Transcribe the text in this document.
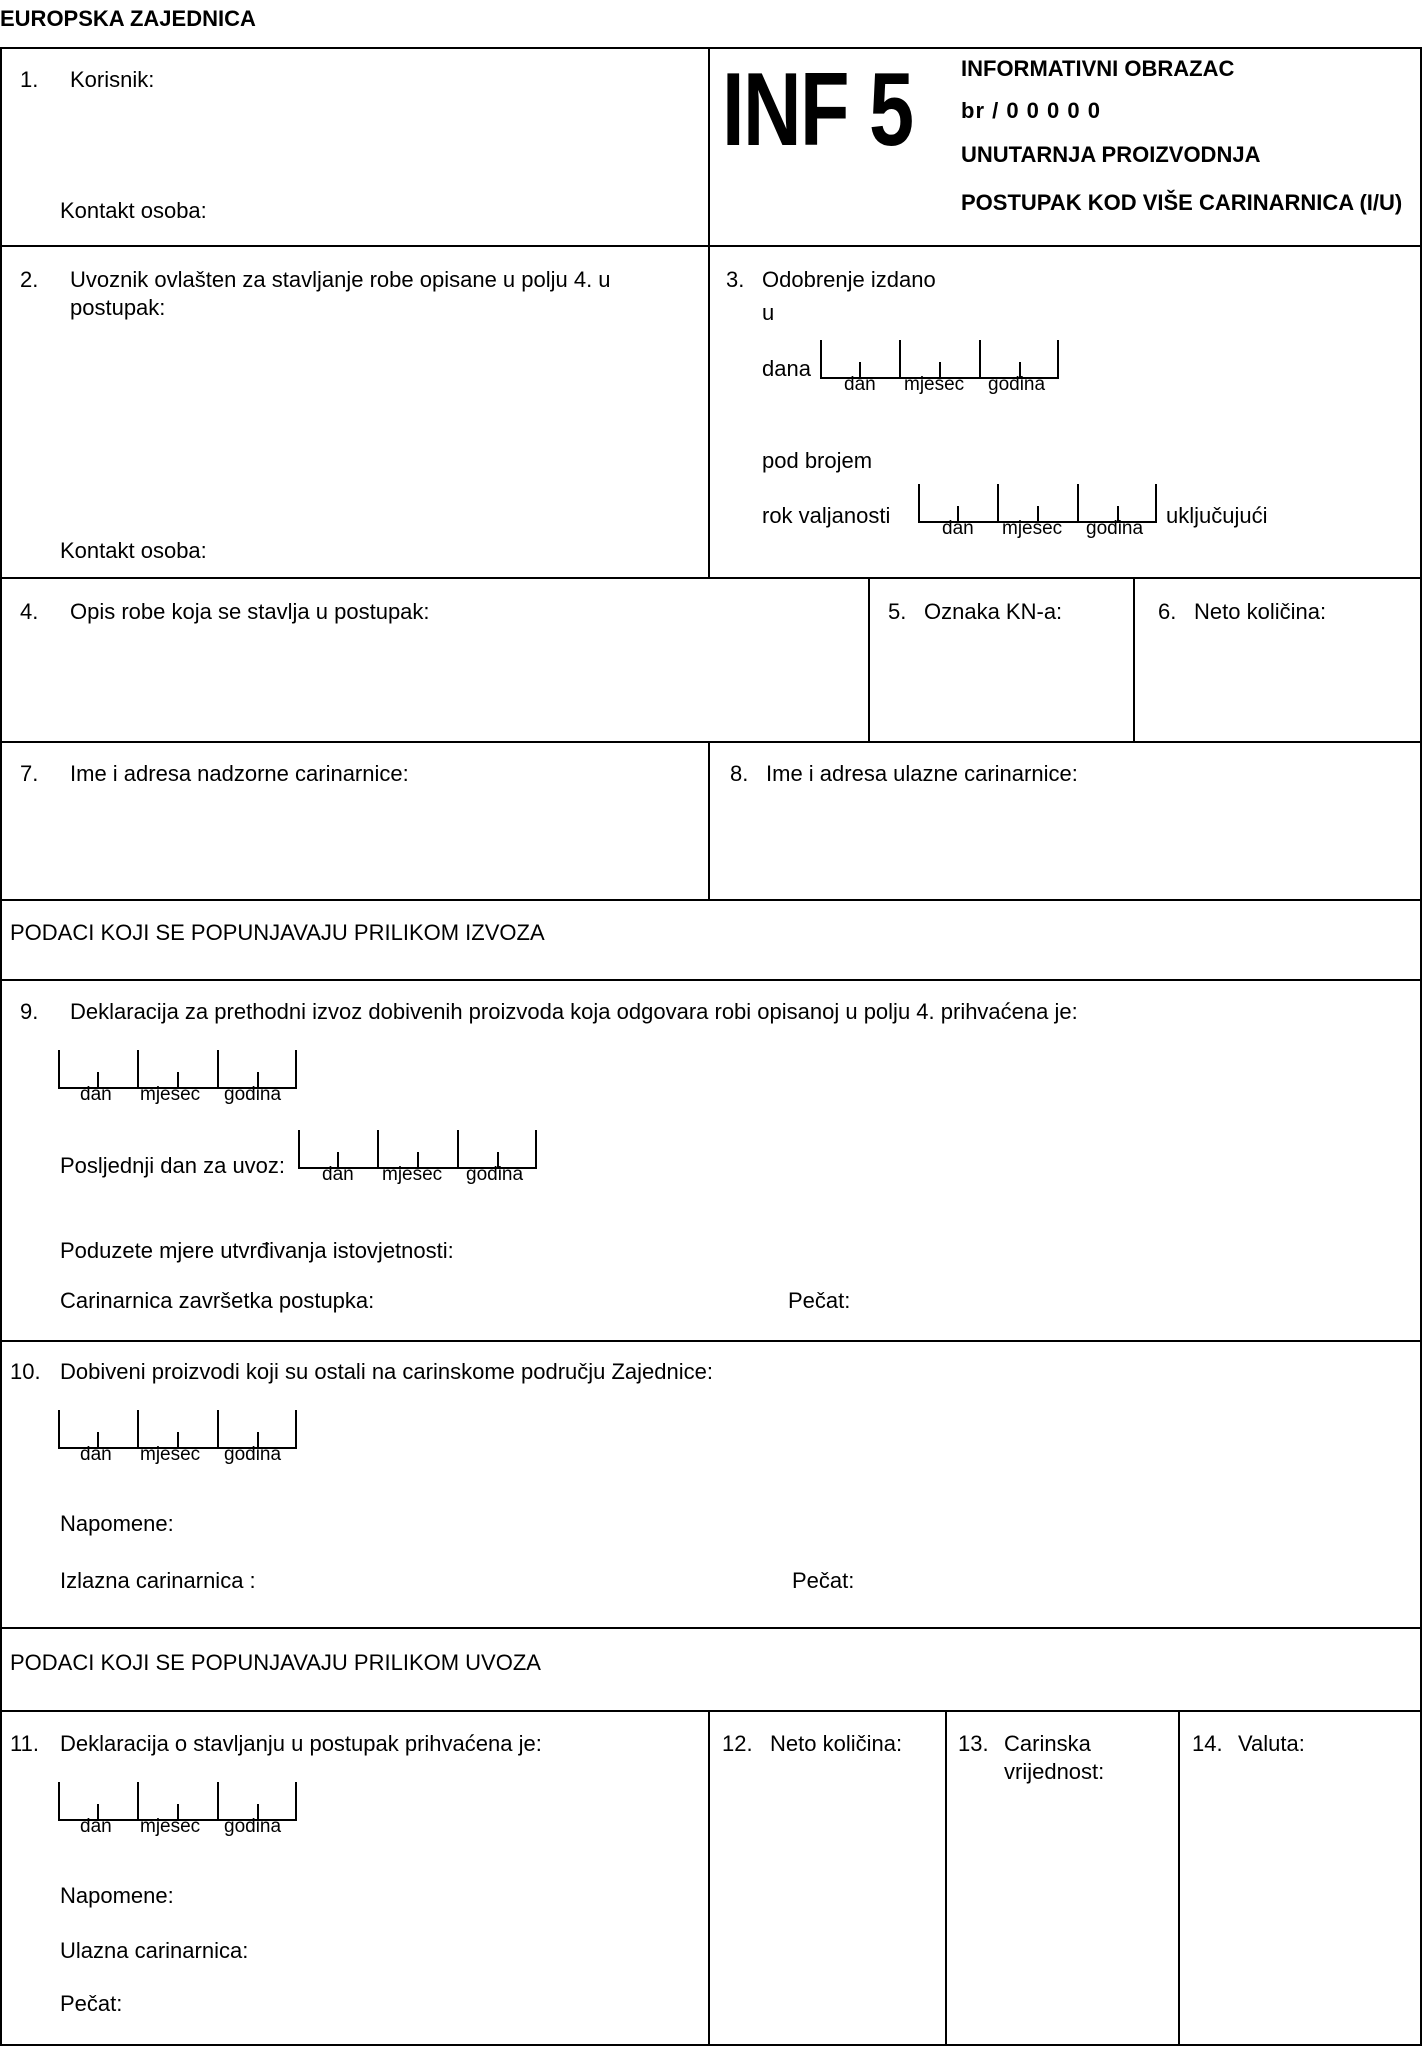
EUROPSKA ZAJEDNICA
1. Korisnik:
Kontakt osoba:
INF 5 INFORMATIVNI OBRAZAC
br / 0 0 0 0 0
UNUTARNJA PROIZVODNJA
POSTUPAK KOD VIŠE CARINARNICA (I/U)
2. Uvoznik ovlašten za stavljanje robe opisane u polju 4. u
postupak:
Kontakt osoba:
3. Odobrenje izdano
u
dana
dan mjesec godina
pod brojem
rok valjanosti
dan mjesec godina
uključujući
4. Opis robe koja se stavlja u postupak:	5. Oznaka KN-a:	6. Neto količina:
7. Ime i adresa nadzorne carinarnice:	8. Ime i adresa ulazne carinarnice:
PODACI KOJI SE POPUNJAVAJU PRILIKOM IZVOZA
9. Deklaracija za prethodni izvoz dobivenih proizvoda koja odgovara robi opisanoj u polju 4. prihvaćena je:
dan mjesec godina
Posljednji dan za uvoz: dan mjesec godina
Poduzete mjere utvrđivanja istovjetnosti:
Carinarnica završetka postupka:	Pečat:
10. Dobiveni proizvodi koji su ostali na carinskome području Zajednice:
dan mjesec godina
Napomene:
Izlazna carinarnica :	Pečat:
PODACI KOJI SE POPUNJAVAJU PRILIKOM UVOZA
11. Deklaracija o stavljanju u postupak prihvaćena je:
dan mjesec godina
Napomene:
Ulazna carinarnica:
Pečat:
12. Neto količina:	13. Carinska
vrijednost:
14. Valuta:
